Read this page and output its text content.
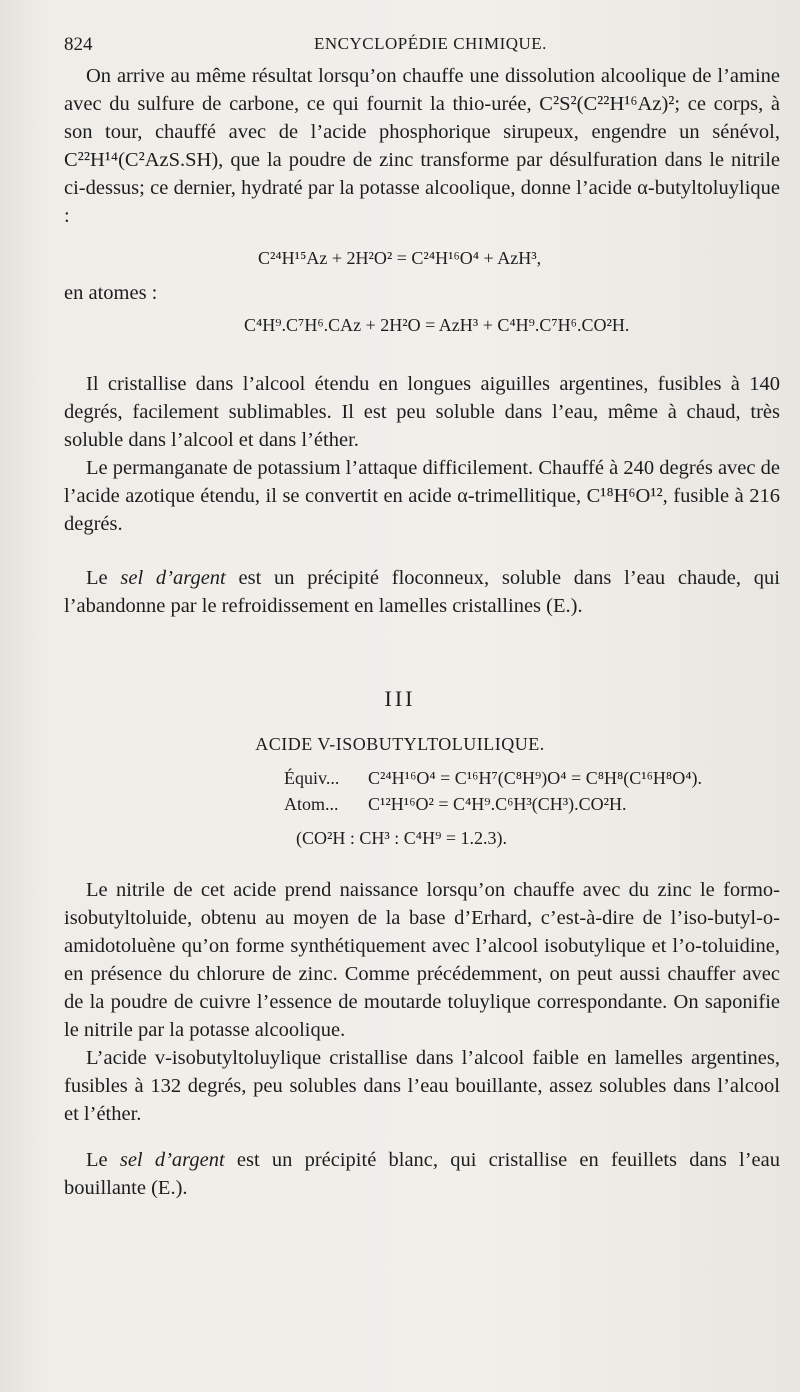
824	ENCYCLOPÉDIE CHIMIQUE.

On arrive au même résultat lorsqu’on chauffe une dissolution alcoolique de l’amine avec du sulfure de carbone, ce qui fournit la thio-urée, C²S²(C²²H¹⁶Az)²; ce corps, à son tour, chauffé avec de l’acide phosphorique sirupeux, engendre un sénévol, C²²H¹⁴(C²AzS.SH), que la poudre de zinc transforme par désulfuration dans le nitrile ci-dessus; ce dernier, hydraté par la potasse alcoolique, donne l’acide α-butyltoluylique :

C²⁴H¹⁵Az + 2H²O² = C²⁴H¹⁶O⁴ + AzH³,
en atomes :
C⁴H⁹.C⁷H⁶.CAz + 2H²O = AzH³ + C⁴H⁹.C⁷H⁶.CO²H.

Il cristallise dans l’alcool étendu en longues aiguilles argentines, fusibles à 140 degrés, facilement sublimables. Il est peu soluble dans l’eau, même à chaud, très soluble dans l’alcool et dans l’éther.

Le permanganate de potassium l’attaque difficilement. Chauffé à 240 degrés avec de l’acide azotique étendu, il se convertit en acide α-trimellitique, C¹⁸H⁶O¹², fusible à 216 degrés.

Le sel d’argent est un précipité floconneux, soluble dans l’eau chaude, qui l’abandonne par le refroidissement en lamelles cristallines (E.).

III
ACIDE V-ISOBUTYLTOLUILIQUE.
Équiv... C²⁴H¹⁶O⁴ = C¹⁶H⁷(C⁸H⁹)O⁴ = C⁸H⁸(C¹⁶H⁸O⁴).
Atom... C¹²H¹⁶O² = C⁴H⁹.C⁶H³(CH³).CO²H.
(CO²H : CH³ : C⁴H⁹ = 1.2.3).

Le nitrile de cet acide prend naissance lorsqu’on chauffe avec du zinc le formo-isobutyltoluide, obtenu au moyen de la base d’Erhard, c’est-à-dire de l’iso-butyl-o-amidotoluène qu’on forme synthétiquement avec l’alcool isobutylique et l’o-toluidine, en présence du chlorure de zinc. Comme précédemment, on peut aussi chauffer avec de la poudre de cuivre l’essence de moutarde toluylique correspondante. On saponifie le nitrile par la potasse alcoolique.

L’acide v-isobutyltoluylique cristallise dans l’alcool faible en lamelles argentines, fusibles à 132 degrés, peu solubles dans l’eau bouillante, assez solubles dans l’alcool et l’éther.

Le sel d’argent est un précipité blanc, qui cristallise en feuillets dans l’eau bouillante (E.).
